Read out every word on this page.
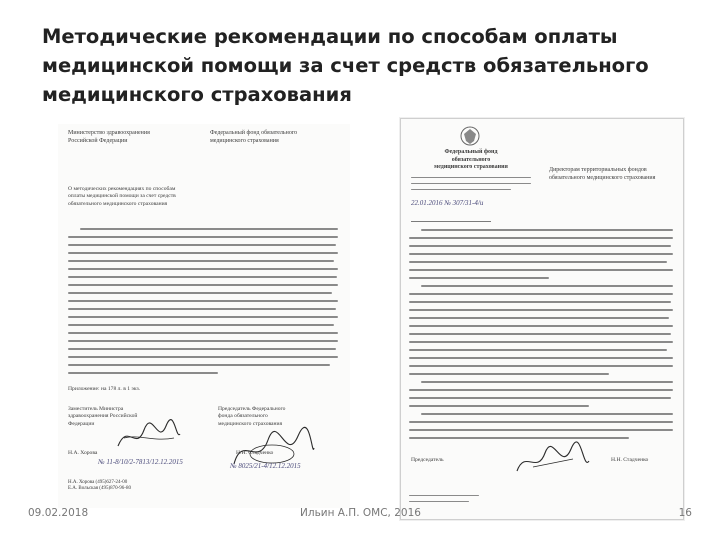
Методические рекомендации по способам оплаты
медицинской помощи за счет средств обязательного
медицинского страхования
Министерство здравоохранения
Российской Федерации
Федеральный фонд обязательного
медицинского страхования
О методических рекомендациях по способам
оплаты медицинской помощи за счет средств
обязательного медицинского страхования
Приложение: на 178 л. в 1 экз.
Заместитель Министра
здравоохранения Российской
Федерации
Председатель Федерального
фонда обязательного
медицинского страхования
Н.А. Хорова	Н.Н. Стадченко
№ 11-8/10/2-7813/12.12.2015	№ 8025/21-4/12.12.2015
Н.А. Хорова (495)627-24-00
Е.А. Вольская (495)870-96-80
Федеральный фонд
обязательного
медицинского страхования	Директорам территориальных фондов
обязательного медицинского страхования
22.01.2016 № 307/31-4/и
Председатель	Н.Н. Стадченко
09.02.2018	Ильин А.П. ОМС, 2016	16
